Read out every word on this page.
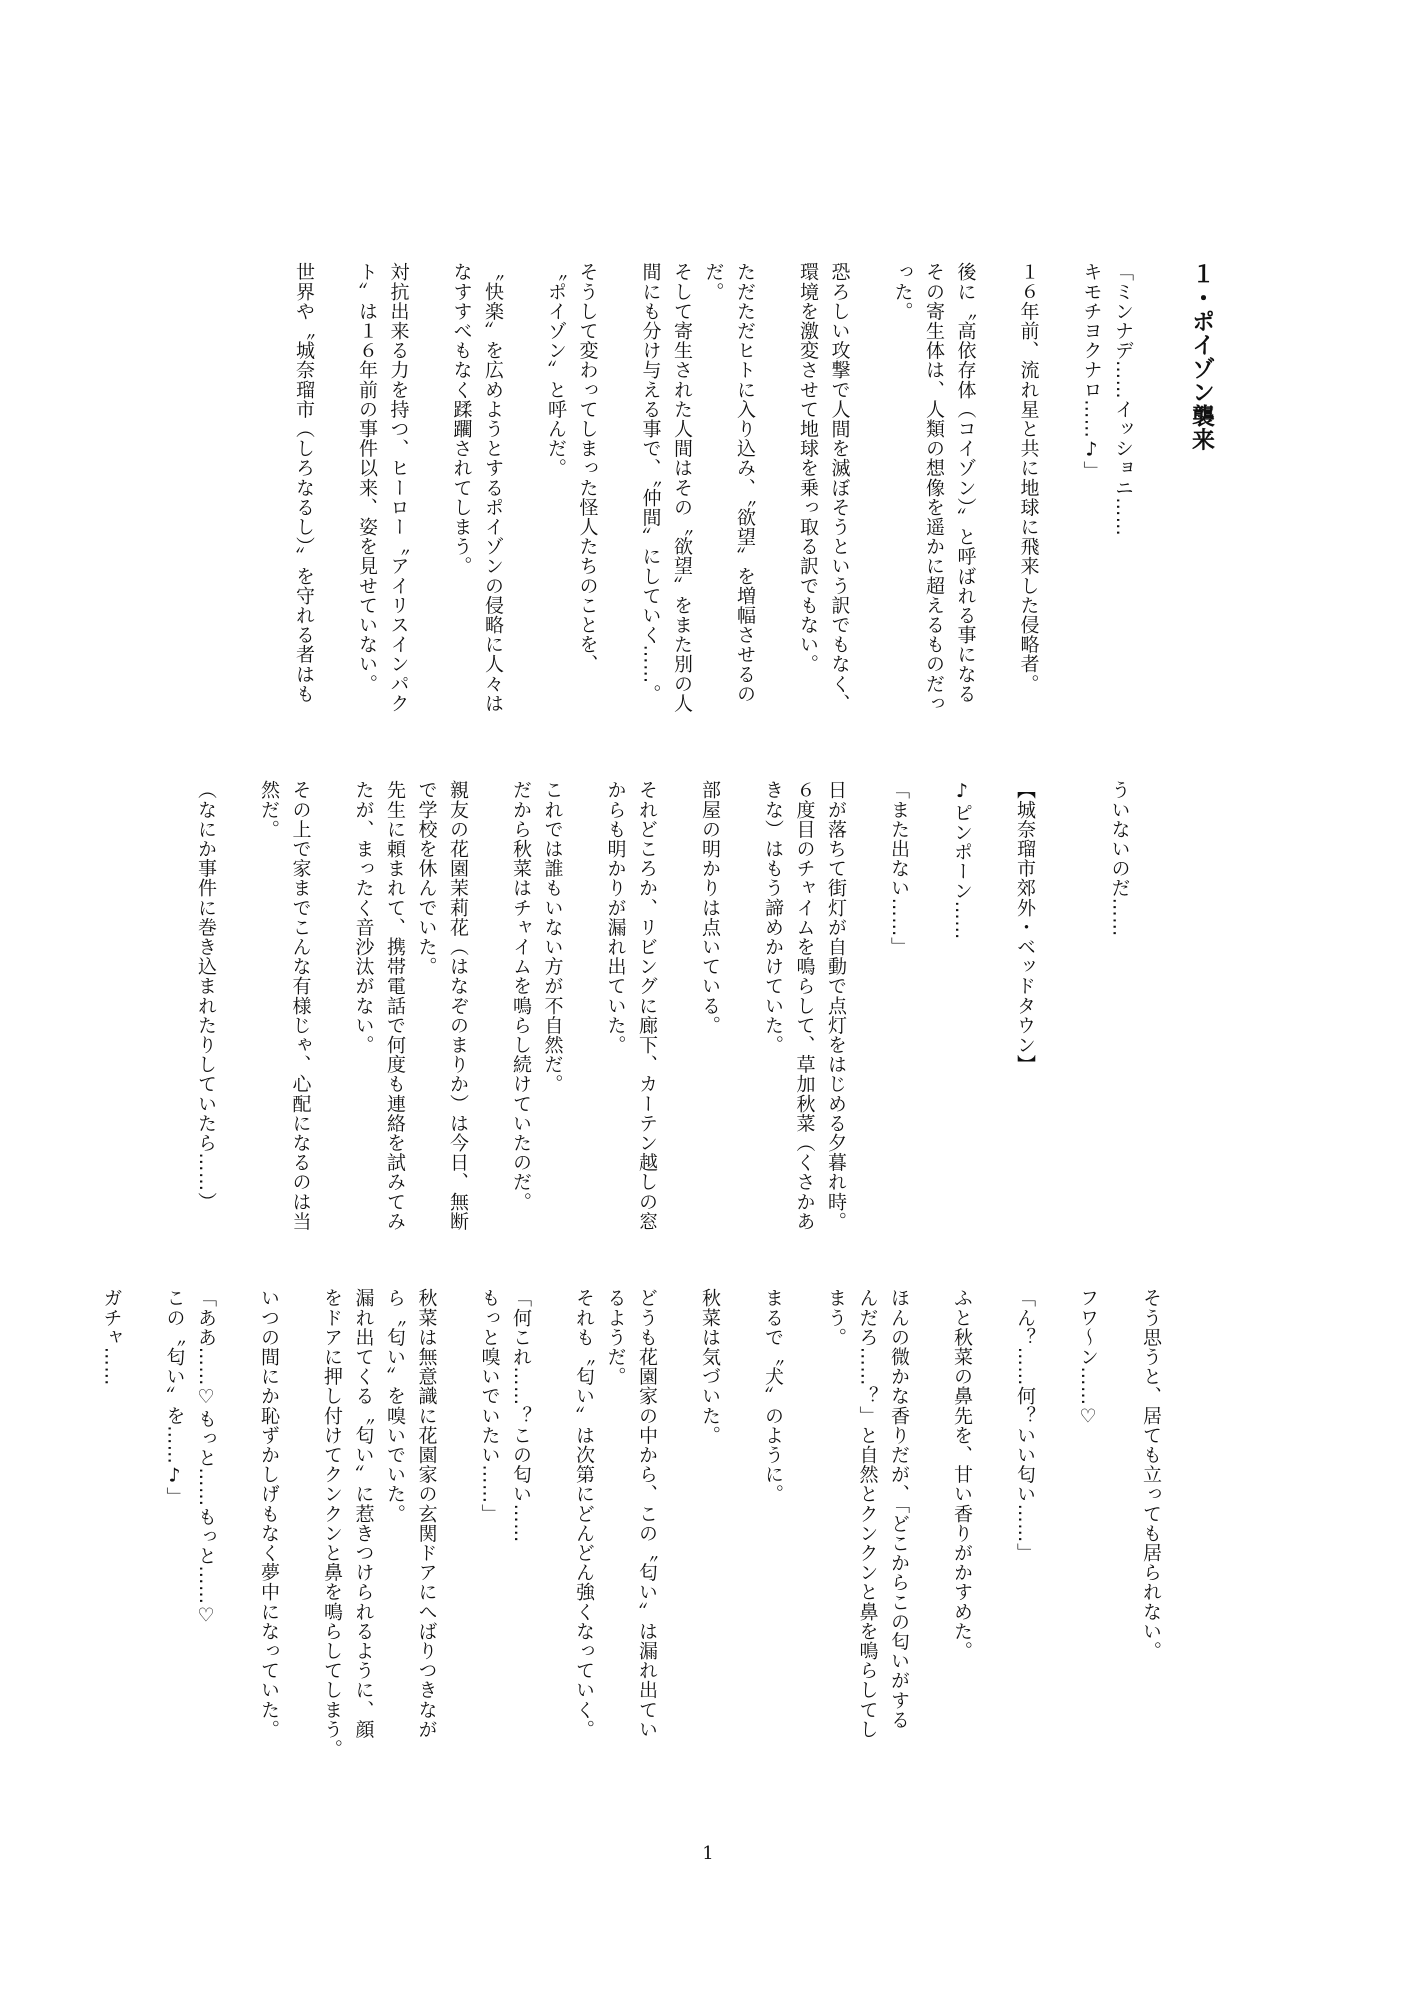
１・ポイゾン襲来
「ミンナデ……イッショニ……
キモチヨクナロ……♪」
１６年前、流れ星と共に地球に飛来した侵略者。
後に〝高依存体（コイゾン）〟と呼ばれる事になる
その寄生体は、人類の想像を遥かに超えるものだっ
った。
恐ろしい攻撃で人間を滅ぼそうという訳でもなく、
環境を激変させて地球を乗っ取る訳でもない。
ただただヒトに入り込み、〝欲望〟を増幅させるの
だ。
そして寄生された人間はその〝欲望〟をまた別の人
間にも分け与える事で、〝仲間〟にしていく……。
そうして変わってしまった怪人たちのことを、
〝ポイゾン〟と呼んだ。
〝快楽〟を広めようとするポイゾンの侵略に人々は
なすすべもなく蹂躙されてしまう。
対抗出来る力を持つ、ヒーロー〝アイリスインパク
ト〟は１６年前の事件以来、姿を見せていない。
世界や〝城奈瑠市（しろなるし）〟を守れる者はも
ういないのだ……
【城奈瑠市郊外・ベッドタウン】
♪ピンポーン……
「また出ない……」
日が落ちて街灯が自動で点灯をはじめる夕暮れ時。
６度目のチャイムを鳴らして、草加秋菜（くさかあ
きな）はもう諦めかけていた。
部屋の明かりは点いている。
それどころか、リビングに廊下、カーテン越しの窓
からも明かりが漏れ出ていた。
これでは誰もいない方が不自然だ。
だから秋菜はチャイムを鳴らし続けていたのだ。
親友の花園茉莉花（はなぞのまりか）は今日、無断
で学校を休んでいた。
先生に頼まれて、携帯電話で何度も連絡を試みてみ
たが、まったく音沙汰がない。
その上で家までこんな有様じゃ、心配になるのは当
然だ。
（なにか事件に巻き込まれたりしていたら……）
そう思うと、居ても立っても居られない。
フワ〜ン……♡
「ん？……何？いい匂い……」
ふと秋菜の鼻先を、甘い香りがかすめた。
ほんの微かな香りだが、「どこからこの匂いがする
んだろ……？」と自然とクンクンと鼻を鳴らしてし
まう。
まるで〝犬〟のように。
秋菜は気づいた。
どうも花園家の中から、この〝匂い〟は漏れ出てい
るようだ。
それも〝匂い〟は次第にどんどん強くなっていく。
「何これ……？この匂い……
もっと嗅いでいたい……」
秋菜は無意識に花園家の玄関ドアにへばりつきなが
ら〝匂い〟を嗅いでいた。
漏れ出てくる〝匂い〟に惹きつけられるように、顔
をドアに押し付けてクンクンと鼻を鳴らしてしまう。
いつの間にか恥ずかしげもなく夢中になっていた。
「ああ……♡もっと……もっと……♡
この〝匂い〟を……♪」
ガチャ……
1
